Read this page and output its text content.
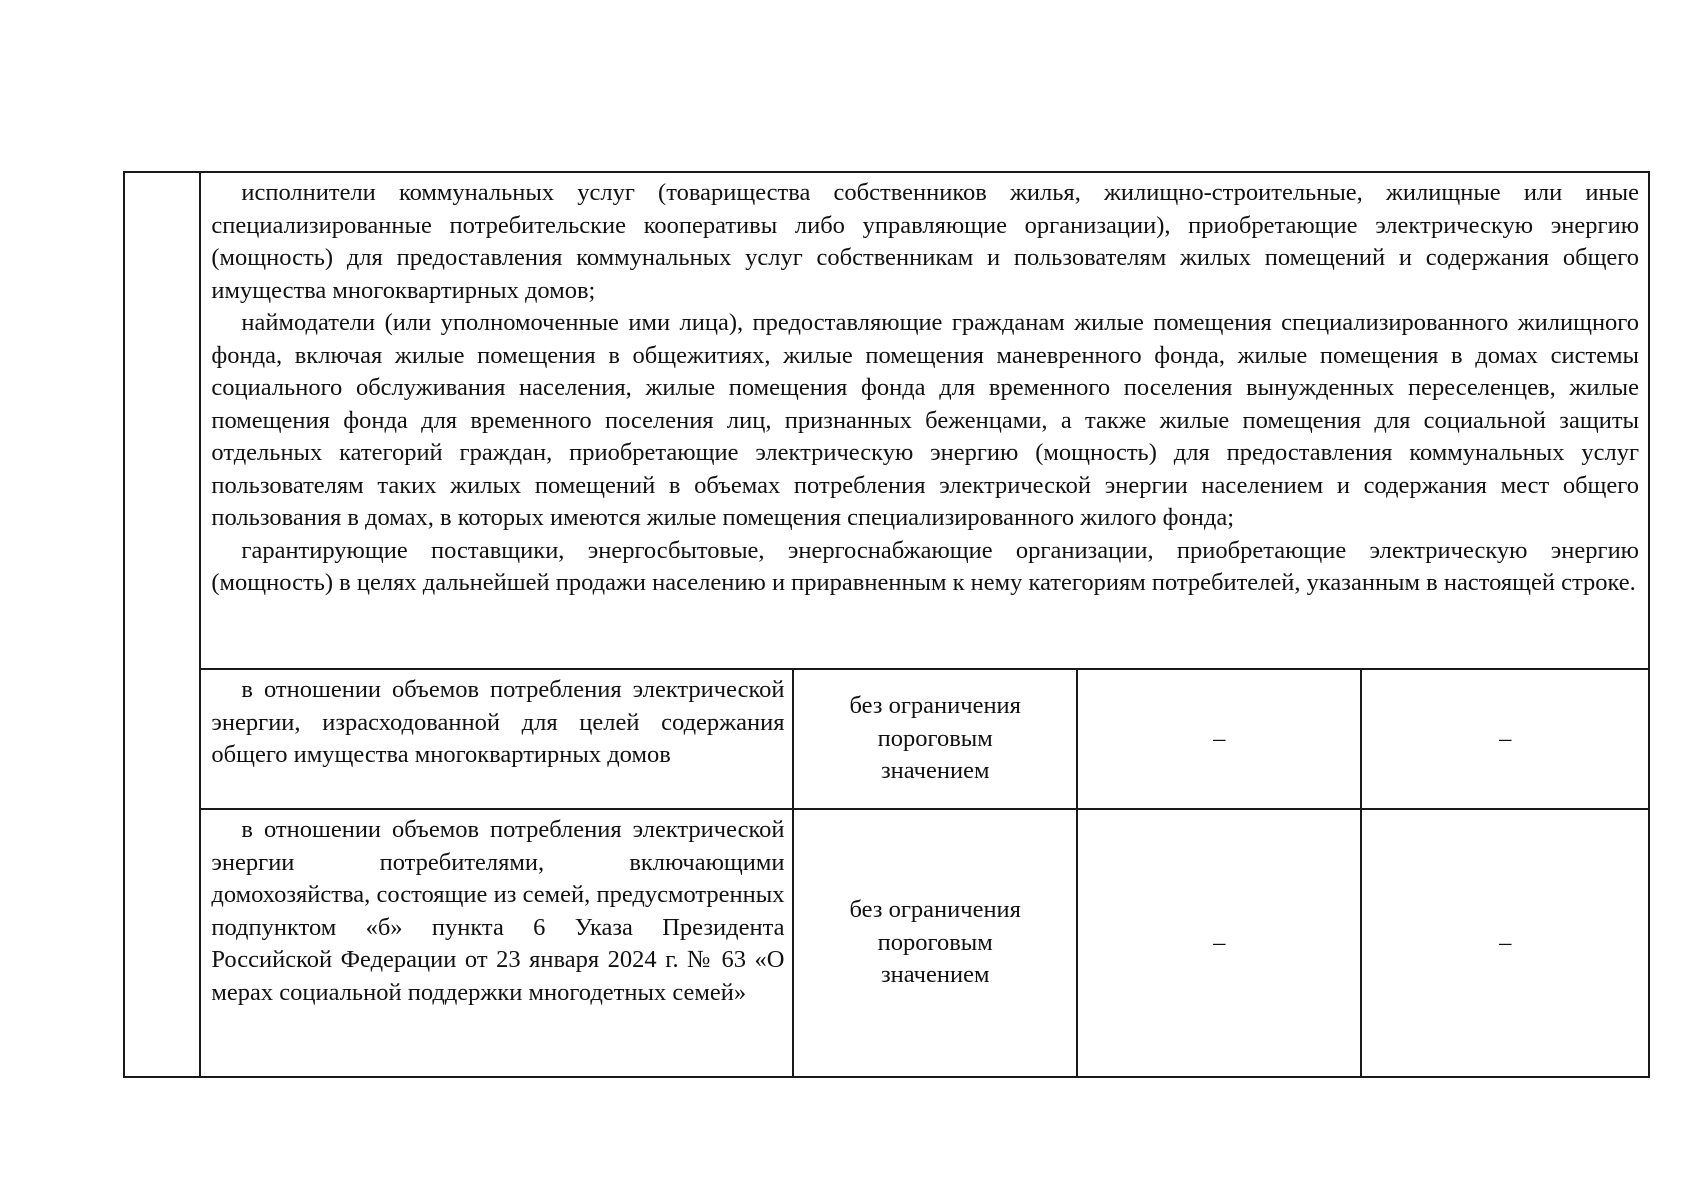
	исполнители коммунальных услуг (товарищества собственников жилья, жилищно-строительные, жилищные или иные специализированные потребительские кооперативы либо управляющие организации), приобретающие электрическую энергию (мощность) для предоставления коммунальных услуг собственникам и пользователям жилых помещений и содержания общего имущества многоквартирных домов;

наймодатели (или уполномоченные ими лица), предоставляющие гражданам жилые помещения специализированного жилищного фонда, включая жилые помещения в общежитиях, жилые помещения маневренного фонда, жилые помещения в домах системы социального обслуживания населения, жилые помещения фонда для временного поселения вынужденных переселенцев, жилые помещения фонда для временного поселения лиц, признанных беженцами, а также жилые помещения для социальной защиты отдельных категорий граждан, приобретающие электрическую энергию (мощность) для предоставления коммунальных услуг пользователям таких жилых помещений в объемах потребления электрической энергии населением и содержания мест общего пользования в домах, в которых имеются жилые помещения специализированного жилого фонда;

гарантирующие поставщики, энергосбытовые, энергоснабжающие организации, приобретающие электрическую энергию (мощность) в целях дальнейшей продажи населению и приравненным к нему категориям потребителей, указанным в настоящей строке.			

	в отношении объемов потребления электрической энергии, израсходованной для целей содержания общего имущества многоквартирных домов	без ограничения пороговым значением	–	–

	в отношении объемов потребления электрической энергии потребителями, включающими домохозяйства, состоящие из семей, предусмотренных подпунктом «б» пункта 6 Указа Президента Российской Федерации от 23 января 2024 г. № 63 «О мерах социальной поддержки многодетных семей»	без ограничения пороговым значением	–	–
